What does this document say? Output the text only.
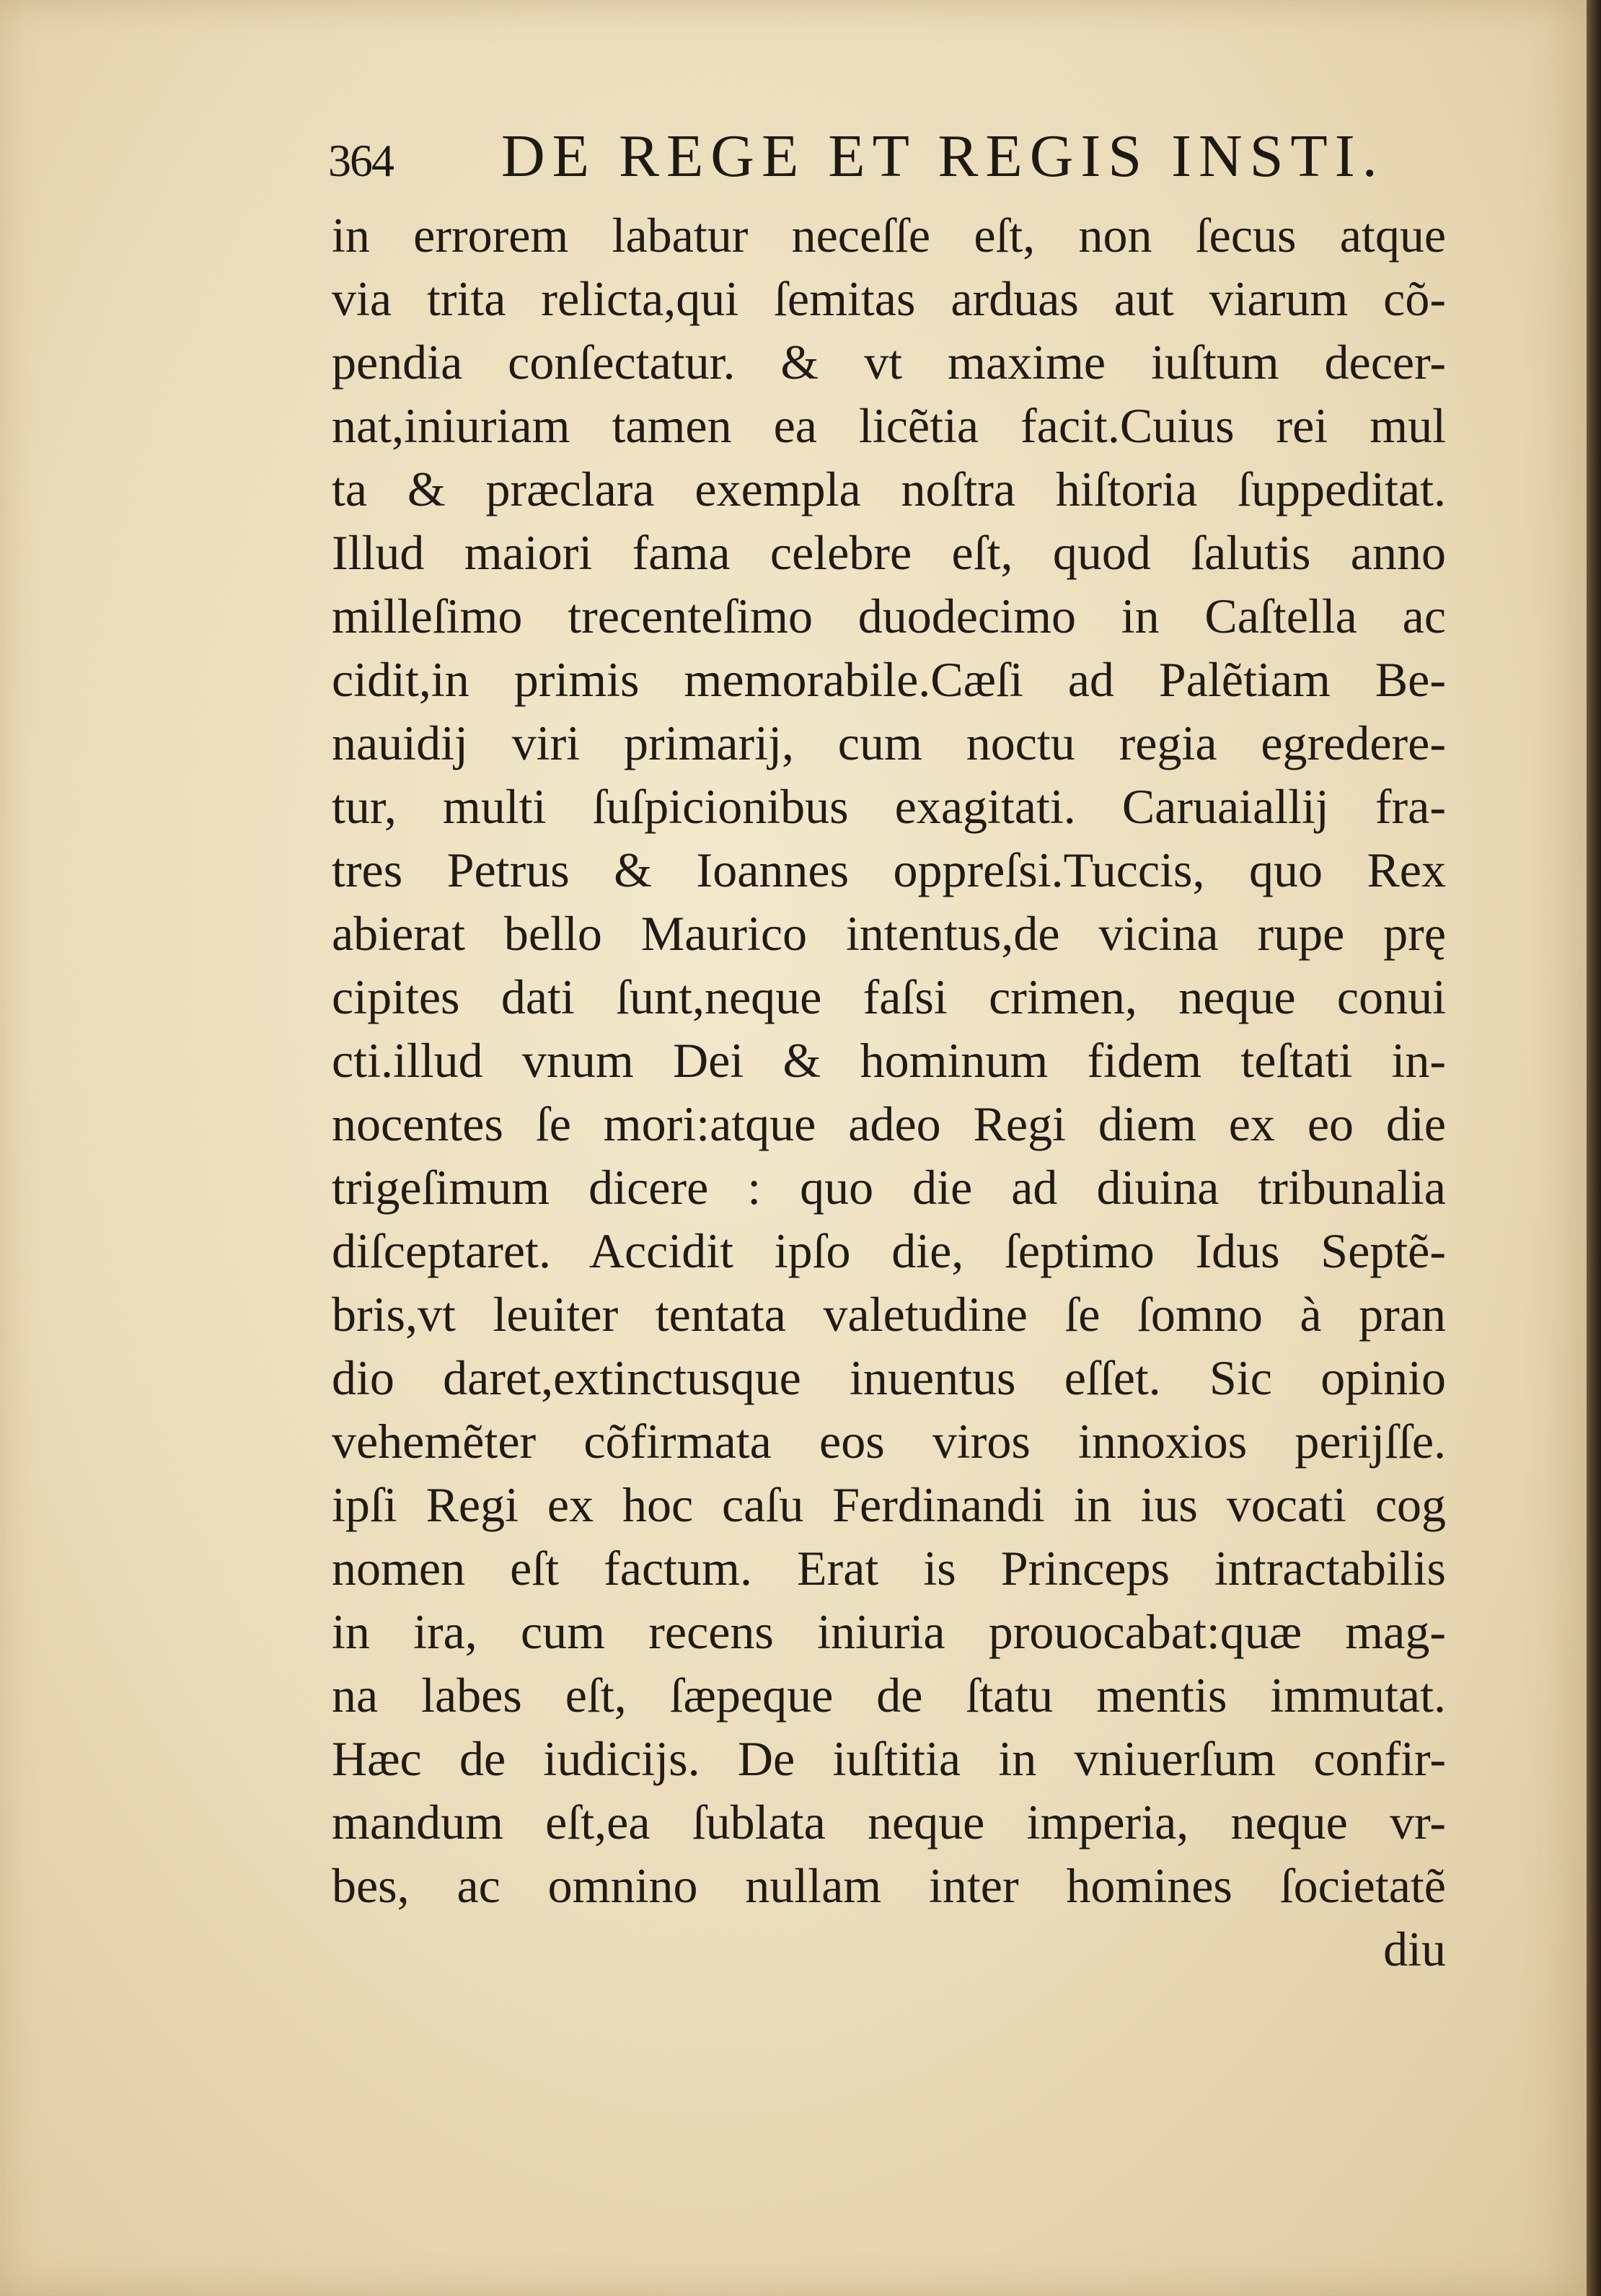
364 DE REGE ET REGIS INSTI.
in errorem labatur neceſſe eſt, non ſecus atque
via trita relicta,qui ſemitas arduas aut viarum cõ-
pendia conſectatur. & vt maxime iuſtum decer-
nat,iniuriam tamen ea licẽtia facit.Cuius rei mul
ta & præclara exempla noſtra hiſtoria ſuppeditat.
Illud maiori fama celebre eſt, quod ſalutis anno
milleſimo trecenteſimo duodecimo in Caſtella ac
cidit,in primis memorabile.Cæſi ad Palẽtiam Be-
nauidij viri primarij, cum noctu regia egredere-
tur, multi ſuſpicionibus exagitati. Caruaiallij fra-
tres Petrus & Ioannes oppreſsi.Tuccis, quo Rex
abierat bello Maurico intentus,de vicina rupe prę
cipites dati ſunt,neque faſsi crimen, neque conui
cti.illud vnum Dei & hominum fidem teſtati in-
nocentes ſe mori:atque adeo Regi diem ex eo die
trigeſimum dicere : quo die ad diuina tribunalia
diſceptaret. Accidit ipſo die, ſeptimo Idus Septẽ-
bris,vt leuiter tentata valetudine ſe ſomno à pran
dio daret,extinctusque inuentus eſſet. Sic opinio
vehemẽter cõfirmata eos viros innoxios perijſſe.
ipſi Regi ex hoc caſu Ferdinandi in ius vocati cog
nomen eſt factum. Erat is Princeps intractabilis
in ira, cum recens iniuria prouocabat:quæ mag-
na labes eſt, ſæpeque de ſtatu mentis immutat.
Hæc de iudicijs. De iuſtitia in vniuerſum confir-
mandum eſt,ea ſublata neque imperia, neque vr-
bes, ac omnino nullam inter homines ſocietatẽ
diu
